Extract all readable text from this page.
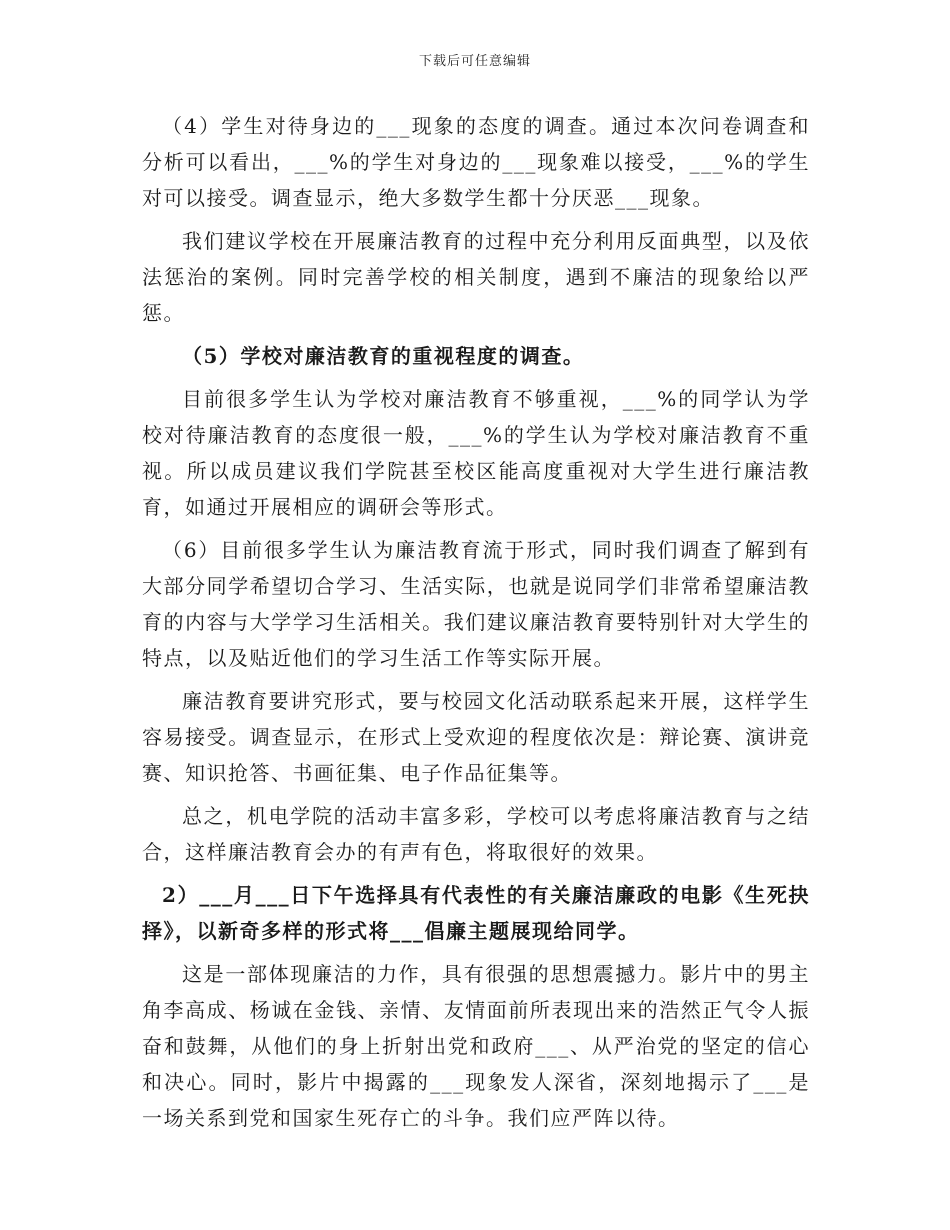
下载后可任意编辑

（4）学生对待身边的___现象的态度的调查。通过本次问卷调查和分析可以看出，___%的学生对身边的___现象难以接受，___%的学生对可以接受。调查显示，绝大多数学生都十分厌恶___现象。

我们建议学校在开展廉洁教育的过程中充分利用反面典型，以及依法惩治的案例。同时完善学校的相关制度，遇到不廉洁的现象给以严惩。

（5）学校对廉洁教育的重视程度的调查。

目前很多学生认为学校对廉洁教育不够重视，___%的同学认为学校对待廉洁教育的态度很一般，___%的学生认为学校对廉洁教育不重视。所以成员建议我们学院甚至校区能高度重视对大学生进行廉洁教育，如通过开展相应的调研会等形式。

（6）目前很多学生认为廉洁教育流于形式，同时我们调查了解到有大部分同学希望切合学习、生活实际，也就是说同学们非常希望廉洁教育的内容与大学学习生活相关。我们建议廉洁教育要特别针对大学生的特点，以及贴近他们的学习生活工作等实际开展。

廉洁教育要讲究形式，要与校园文化活动联系起来开展，这样学生容易接受。调查显示，在形式上受欢迎的程度依次是：辩论赛、演讲竞赛、知识抢答、书画征集、电子作品征集等。

总之，机电学院的活动丰富多彩，学校可以考虑将廉洁教育与之结合，这样廉洁教育会办的有声有色，将取很好的效果。

2）___月___日下午选择具有代表性的有关廉洁廉政的电影《生死抉择》，以新奇多样的形式将___倡廉主题展现给同学。

这是一部体现廉洁的力作，具有很强的思想震撼力。影片中的男主角李高成、杨诚在金钱、亲情、友情面前所表现出来的浩然正气令人振奋和鼓舞，从他们的身上折射出党和政府___、从严治党的坚定的信心和决心。同时，影片中揭露的___现象发人深省，深刻地揭示了___是一场关系到党和国家生死存亡的斗争。我们应严阵以待。
